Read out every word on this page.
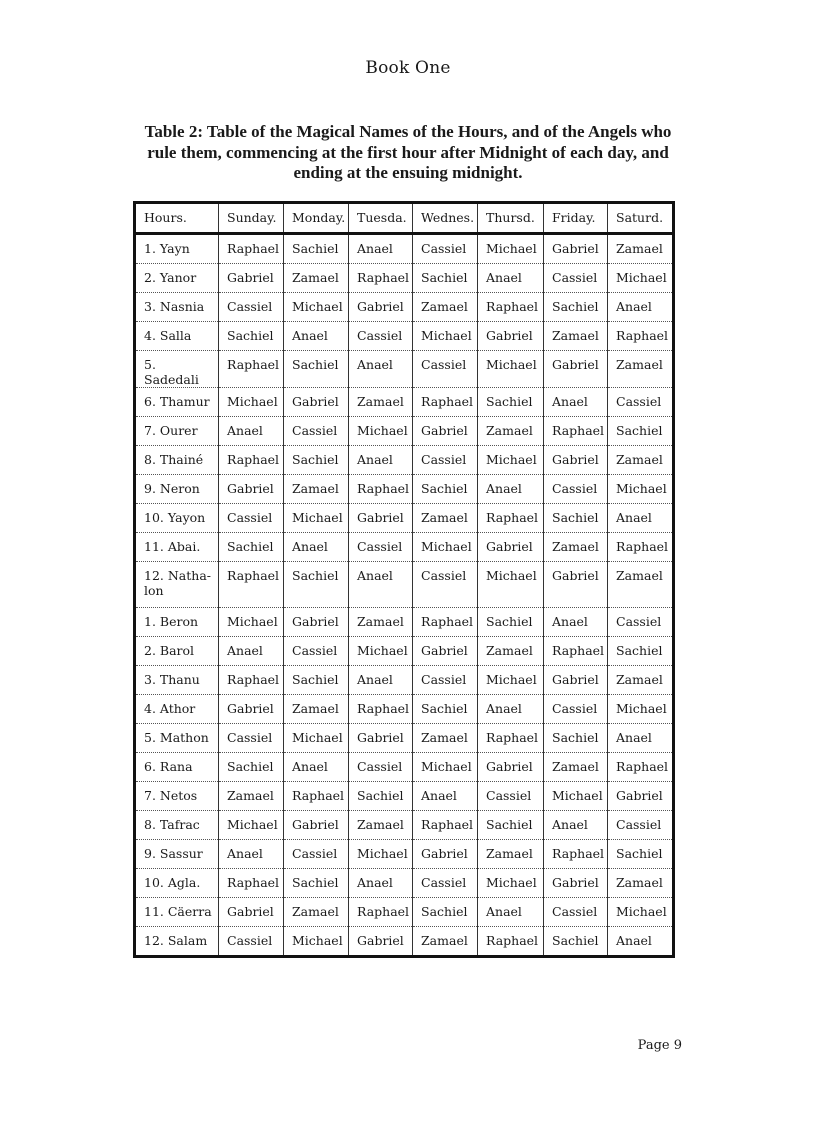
Book One
Table 2: Table of the Magical Names of the Hours, and of the Angels who rule them, commencing at the first hour after Midnight of each day, and ending at the ensuing midnight.
Hours.	Sunday.	Monday.	Tuesda.	Wednes.	Thursd.	Friday.	Saturd.
1. Yayn	Raphael	Sachiel	Anael	Cassiel	Michael	Gabriel	Zamael
2. Yanor	Gabriel	Zamael	Raphael	Sachiel	Anael	Cassiel	Michael
3. Nasnia	Cassiel	Michael	Gabriel	Zamael	Raphael	Sachiel	Anael
4. Salla	Sachiel	Anael	Cassiel	Michael	Gabriel	Zamael	Raphael
5. Sadedali	Raphael	Sachiel	Anael	Cassiel	Michael	Gabriel	Zamael
6. Thamur	Michael	Gabriel	Zamael	Raphael	Sachiel	Anael	Cassiel
7. Ourer	Anael	Cassiel	Michael	Gabriel	Zamael	Raphael	Sachiel
8. Thainé	Raphael	Sachiel	Anael	Cassiel	Michael	Gabriel	Zamael
9. Neron	Gabriel	Zamael	Raphael	Sachiel	Anael	Cassiel	Michael
10. Yayon	Cassiel	Michael	Gabriel	Zamael	Raphael	Sachiel	Anael
11. Abai.	Sachiel	Anael	Cassiel	Michael	Gabriel	Zamael	Raphael
12. Natha-lon	Raphael	Sachiel	Anael	Cassiel	Michael	Gabriel	Zamael
1. Beron	Michael	Gabriel	Zamael	Raphael	Sachiel	Anael	Cassiel
2. Barol	Anael	Cassiel	Michael	Gabriel	Zamael	Raphael	Sachiel
3. Thanu	Raphael	Sachiel	Anael	Cassiel	Michael	Gabriel	Zamael
4. Athor	Gabriel	Zamael	Raphael	Sachiel	Anael	Cassiel	Michael
5. Mathon	Cassiel	Michael	Gabriel	Zamael	Raphael	Sachiel	Anael
6. Rana	Sachiel	Anael	Cassiel	Michael	Gabriel	Zamael	Raphael
7. Netos	Zamael	Raphael	Sachiel	Anael	Cassiel	Michael	Gabriel
8. Tafrac	Michael	Gabriel	Zamael	Raphael	Sachiel	Anael	Cassiel
9. Sassur	Anael	Cassiel	Michael	Gabriel	Zamael	Raphael	Sachiel
10. Agla.	Raphael	Sachiel	Anael	Cassiel	Michael	Gabriel	Zamael
11. Cäerra	Gabriel	Zamael	Raphael	Sachiel	Anael	Cassiel	Michael
12. Salam	Cassiel	Michael	Gabriel	Zamael	Raphael	Sachiel	Anael
Page 9
